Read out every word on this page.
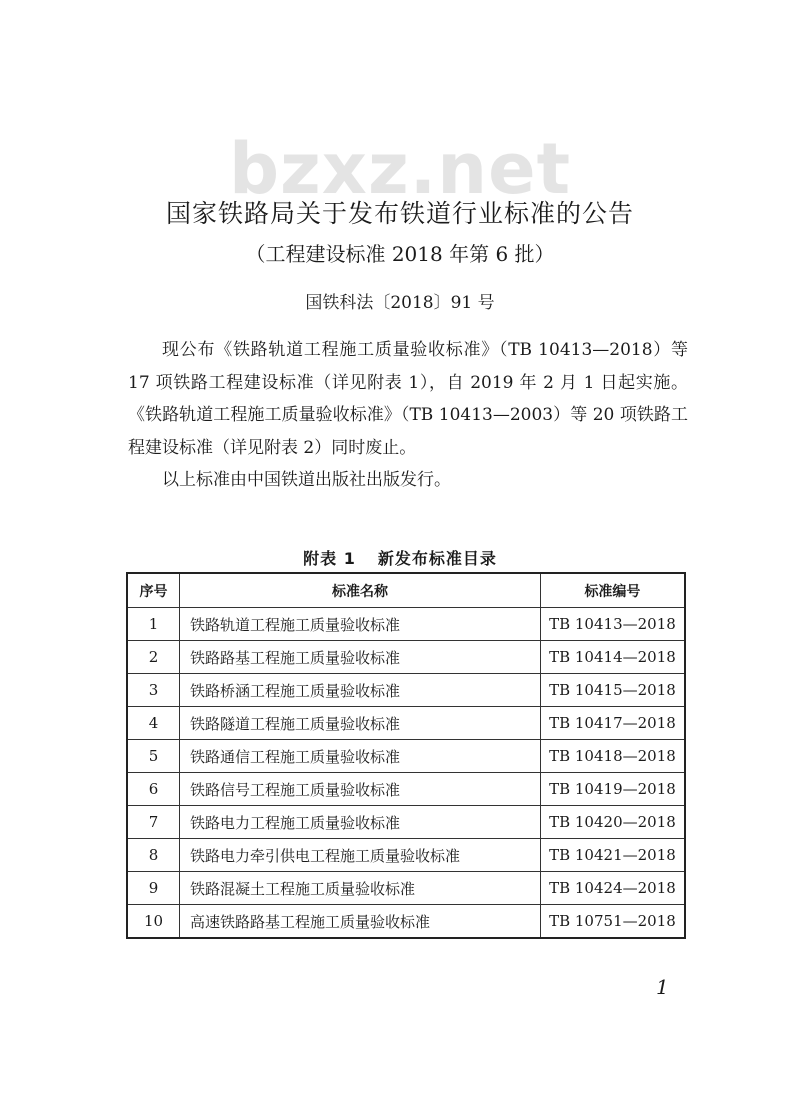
bzxz.net
国家铁路局关于发布铁道行业标准的公告
（工程建设标准 2018 年第 6 批）
国铁科法〔2018〕91 号

现公布《铁路轨道工程施工质量验收标准》（TB 10413—2018）等 17 项铁路工程建设标准（详见附表 1），自 2019 年 2 月 1 日起实施。《铁路轨道工程施工质量验收标准》（TB 10413—2003）等 20 项铁路工程建设标准（详见附表 2）同时废止。

以上标准由中国铁道出版社出版发行。

附表 1 新发布标准目录
序号	标准名称	标准编号
1	铁路轨道工程施工质量验收标准	TB 10413—2018
2	铁路路基工程施工质量验收标准	TB 10414—2018
3	铁路桥涵工程施工质量验收标准	TB 10415—2018
4	铁路隧道工程施工质量验收标准	TB 10417—2018
5	铁路通信工程施工质量验收标准	TB 10418—2018
6	铁路信号工程施工质量验收标准	TB 10419—2018
7	铁路电力工程施工质量验收标准	TB 10420—2018
8	铁路电力牵引供电工程施工质量验收标准	TB 10421—2018
9	铁路混凝土工程施工质量验收标准	TB 10424—2018
10	高速铁路路基工程施工质量验收标准	TB 10751—2018
1
